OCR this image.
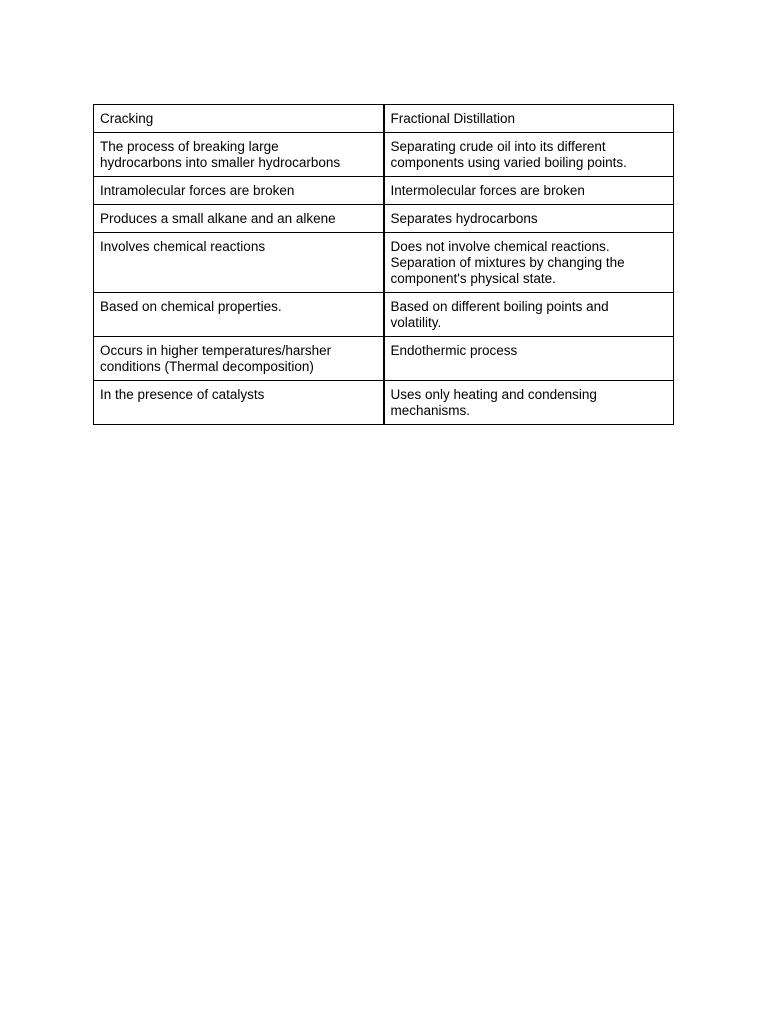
Cracking	Fractional Distillation

The process of breaking large
hydrocarbons into smaller hydrocarbons	Separating crude oil into its different
components using varied boiling points.

Intramolecular forces are broken	Intermolecular forces are broken

Produces a small alkane and an alkene	Separates hydrocarbons

Involves chemical reactions	Does not involve chemical reactions.
Separation of mixtures by changing the
component's physical state.

Based on chemical properties.	Based on different boiling points and
volatility.

Occurs in higher temperatures/harsher
conditions (Thermal decomposition)	Endothermic process

In the presence of catalysts	Uses only heating and condensing
mechanisms.
